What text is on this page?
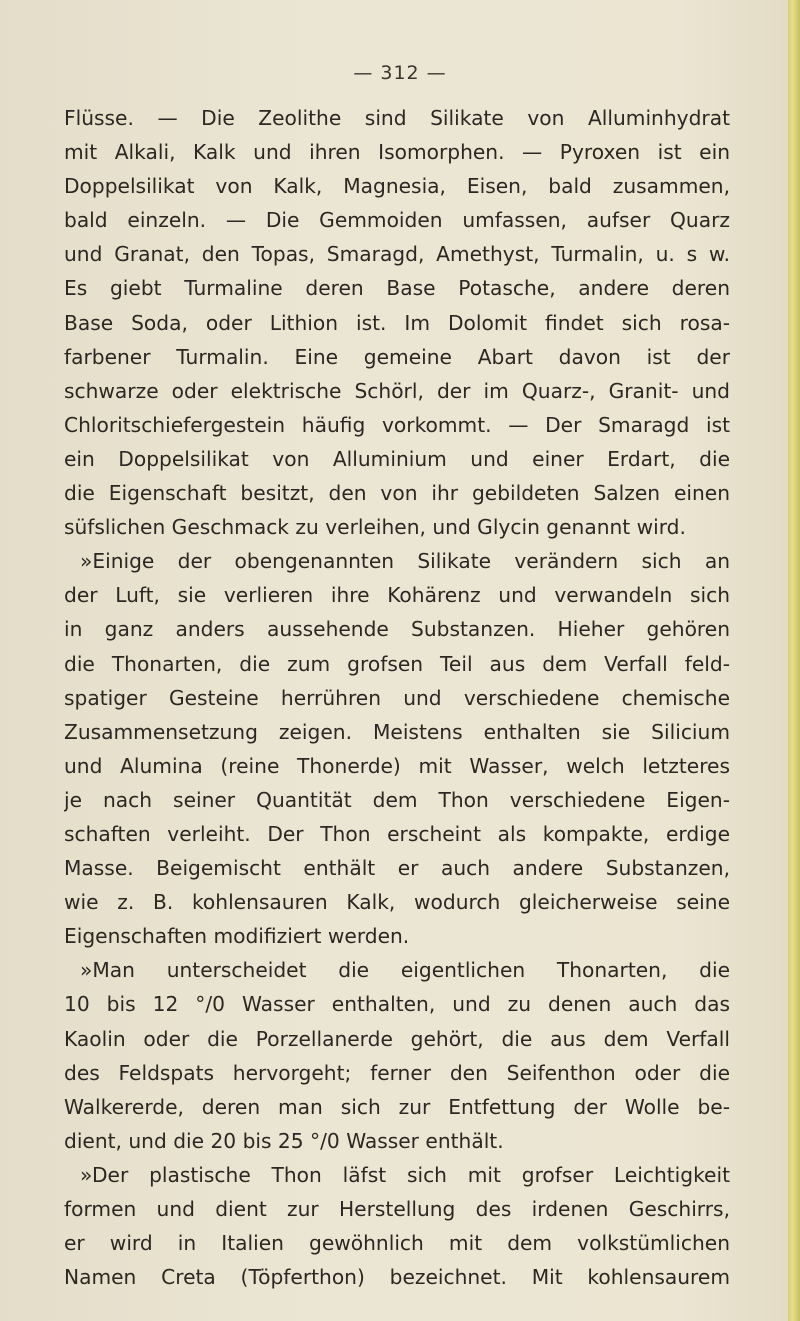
— 312 —
Flüsse. — Die Zeolithe sind Silikate von Alluminhydrat
mit Alkali, Kalk und ihren Isomorphen. — Pyroxen ist ein
Doppelsilikat von Kalk, Magnesia, Eisen, bald zusammen,
bald einzeln. — Die Gemmoiden umfassen, aufser Quarz
und Granat, den Topas, Smaragd, Amethyst, Turmalin, u. s w.
Es giebt Turmaline deren Base Potasche, andere deren
Base Soda, oder Lithion ist. Im Dolomit findet sich rosa-
farbener Turmalin. Eine gemeine Abart davon ist der
schwarze oder elektrische Schörl, der im Quarz-, Granit- und
Chloritschiefergestein häufig vorkommt. — Der Smaragd ist
ein Doppelsilikat von Alluminium und einer Erdart, die
die Eigenschaft besitzt, den von ihr gebildeten Salzen einen
süfslichen Geschmack zu verleihen, und Glycin genannt wird.
»Einige der obengenannten Silikate verändern sich an
der Luft, sie verlieren ihre Kohärenz und verwandeln sich
in ganz anders aussehende Substanzen. Hieher gehören
die Thonarten, die zum grofsen Teil aus dem Verfall feld-
spatiger Gesteine herrühren und verschiedene chemische
Zusammensetzung zeigen. Meistens enthalten sie Silicium
und Alumina (reine Thonerde) mit Wasser, welch letzteres
je nach seiner Quantität dem Thon verschiedene Eigen-
schaften verleiht. Der Thon erscheint als kompakte, erdige
Masse. Beigemischt enthält er auch andere Substanzen,
wie z. B. kohlensauren Kalk, wodurch gleicherweise seine
Eigenschaften modifiziert werden.
»Man unterscheidet die eigentlichen Thonarten, die
10 bis 12 °/0 Wasser enthalten, und zu denen auch das
Kaolin oder die Porzellanerde gehört, die aus dem Verfall
des Feldspats hervorgeht; ferner den Seifenthon oder die
Walkererde, deren man sich zur Entfettung der Wolle be-
dient, und die 20 bis 25 °/0 Wasser enthält.
»Der plastische Thon läfst sich mit grofser Leichtigkeit
formen und dient zur Herstellung des irdenen Geschirrs,
er wird in Italien gewöhnlich mit dem volkstümlichen
Namen Creta (Töpferthon) bezeichnet. Mit kohlensaurem
